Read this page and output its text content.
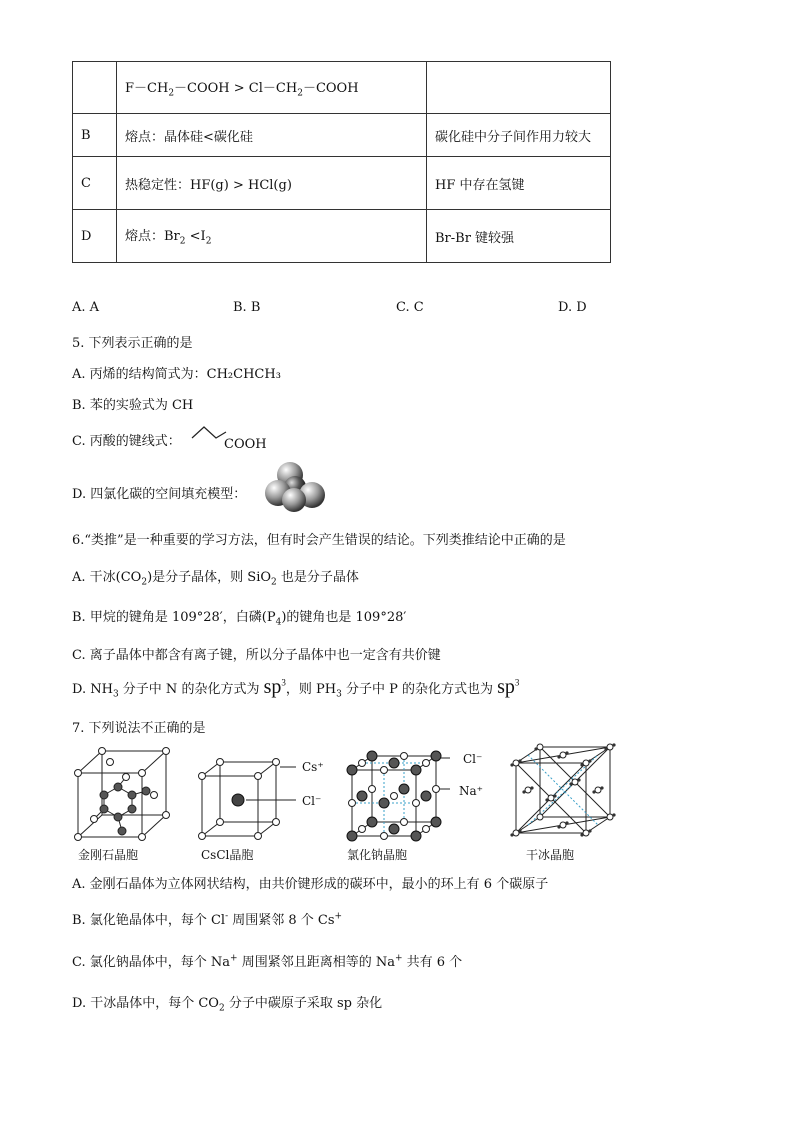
	$F-CH_2-COOH$ > $Cl-CH_2-COOH$	
B	熔点：晶体硅<碳化硅	碳化硅中分子间作用力较大
C	热稳定性：HF(g) > HCl(g)	HF 中存在氢键
D	熔点：$Br_2 <I_2$	Br-Br 键较强
A. A	B. B	C. C	D. D
5. 下列表示正确的是
A. 丙烯的结构简式为：CH₂CHCH₃
B. 苯的实验式为 CH
C. 丙酸的键线式：	COOH
D. 四氯化碳的空间填充模型：
6.“类推”是一种重要的学习方法，但有时会产生错误的结论。下列类推结论中正确的是
A. 干冰$(CO_2)$是分子晶体，则 SiO$_2$ 也是分子晶体
B. 甲烷的键角是 109°28′，白磷$(P_4)$的键角也是 109°28′
C. 离子晶体中都含有离子键，所以分子晶体中也一定含有共价键
D. $NH_3$ 分子中 N 的杂化方式为 $sp^3$，则 $PH_3$ 分子中 P 的杂化方式也为 $sp^3$
7. 下列说法不正确的是
金刚石晶胞
Cs⁺
Cl⁻
CsCl晶胞
Cl⁻
Na⁺
氯化钠晶胞	干冰晶胞
A. 金刚石晶体为立体网状结构，由共价键形成的碳环中，最小的环上有 6 个碳原子
B. 氯化铯晶体中，每个 Cl- 周围紧邻 8 个 Cs+
C. 氯化钠晶体中，每个 Na+ 周围紧邻且距离相等的 Na+ 共有 6 个
D. 干冰晶体中，每个 $CO_2$ 分子中碳原子采取 sp 杂化
